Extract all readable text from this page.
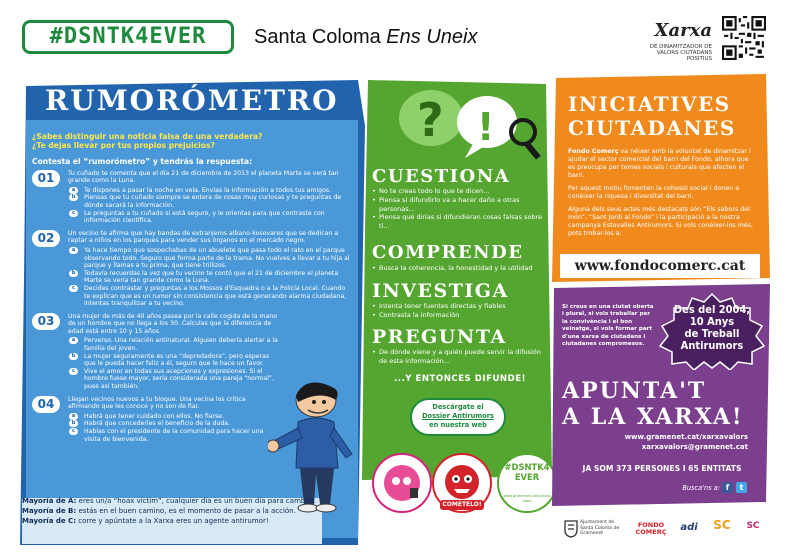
#DSNTK4EVER	Santa Coloma Ens Uneix	Xarxa
DE DINAMITZADOR DE VALORS CIUTADANS POSITIUS
RUMORÓMETRO
¿Sabes distinguir una noticia falsa de una verdadera?
¿Te dejas llevar por tus propios prejuicios?
Contesta el “rumorómetro” y tendrás la respuesta:
01	Tu cuñado te comenta que el día 21 de diciembre de 2013 el planeta Marte se verá tan grande como la Luna.
a	Te dispones a pasar la noche en vela. Envías la información a todos tus amigos.
b	Piensas que tu cuñado siempre se entera de cosas muy curiosas y te preguntas de dónde sacará la información.
c	Le preguntas a tu cuñado si está seguro, y le orientas para que contraste con información científica.
02	Un vecino te afirma que hay bandas de extranjeros albano-kosovares que se dedican a raptar a niños en los parques para vender sus órganos en el mercado negro.
a	Ya hace tiempo que sospechabas de un abuelete que pasa todo el rato en el parque observando todo. Seguro que forma parte de la trama. No vuelves a llevar a tu hija al parque y llamas a tu prima, que tiene trillizos.
b	Todavía recuerdas la vez que tu vecino te contó que el 21 de diciembre el planeta Marte se vería tan grande como la Luna.
c	Decides contrastar y preguntas a los Mossos d'Esquadra o a la Policía Local. Cuando te explican que es un rumor sin consistencia que está generando alarma ciudadana, intentas tranquilizar a tu vecino.
03	Una mujer de más de 40 años pasea por la calle cogida de la mano de un hombre que no llega a los 30. Calculas que la diferencia de edad está entre 10 y 15 años.
a	Perverso. Una relación antinatural. Alguien debería alertar a la familia del joven.
b	La mujer seguramente es una “depredadora”, pero esperas que le pueda hacer feliz a él, seguro que le hace un favor.
c	Vive el amor en todas sus acepciones y expresiones. Si el hombre fuese mayor, sería considerada una pareja “normal”, pues así también.
04	Llegan vecinos nuevos a tu bloque. Una vecina los critica afirmando que les conoce y no son de fiar.
a	Habrá que tener cuidado con ellos. No fiarse.
b	Habrá que concederles el beneficio de la duda.
c	Hablas con el presidente de la comunidad para hacer una visita de bienvenida.
Mayoría de A: eres un/a “hoax victim”, cualquier día es un buen día para cambiar.
Mayoría de B: estás en el buen camino, es el momento de pasar a la acción.
Mayoría de C: corre y apúntate a la Xarxa eres un agente antirumor!
? !
CUESTIONA
• No te creas todo lo que te dicen...
• Piensa si difundirlo va a hacer daño a otras personas...
• Piensa qué dirías si difundieran cosas falsas sobre ti...
COMPRENDE
• Busca la coherencia, la honestidad y la utilidad
INVESTIGA
• Intenta tener fuentes directas y fiables
• Contrasta la información
PREGUNTA
• De dónde viene y a quién puede servir la difusión de esta información...
...Y ENTONCES DIFUNDE!
Descárgate el
Dossier Antirumors
en nuestra web
COMETELO!
#DSNTK4EVER
www.gramenet.cat/xarxavalors
INICIATIVES
CIUTADANES

Fondo Comerç va néixer amb la voluntat de dinamitzar i ajudar el sector comercial del barri del Fondo, alhora que es preocupa per temes socials i culturals que afecten el barri.

Per aquest motiu fomenten la cohesió social i donen a conèixer la riquesa i diversitat del barri.

Alguna dels seus actes més destacats són “Els sabors del món”, “Sant Jordi al Fondo” i la participació a la nostra campanya Estovalles Antirumors. Si vols conèixer-los més, pots trobar-los a:

www.fondocomerc.cat
Si creus en una ciutat oberta i plural, si vols treballar per la convivència i el bon veïnatge, si vols formar part d'una xarxa de ciutadans i ciutadanes compromesos.
Des del 2004,
10 Anys
de Treball
Antirumors
APUNTA'T
A LA XARXA!
www.gramenet.cat/xarxavalors
xarxavalors@gramenet.cat
JA SOM 373 PERSONES I 65 ENTITATS
Busca'ns a: f	t
Ajuntament de Santa Coloma de Gramenet
FONDO COMERÇ	adi	SC	SC
